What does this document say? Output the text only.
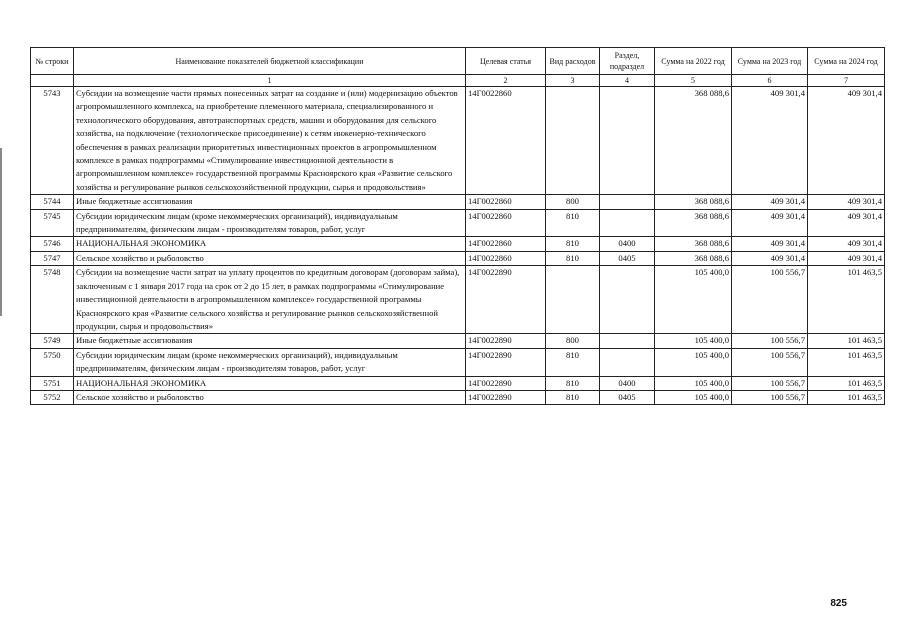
№ строки	Наименование показателей бюджетной классификации	Целевая статья	Вид расходов	Раздел, подраздел	Сумма на 2022 год	Сумма на 2023 год	Сумма на 2024 год
	1	2	3	4	5	6	7
5743	Субсидии на возмещение части прямых понесенных затрат на создание и (или) модернизацию объектов агропромышленного комплекса, на приобретение племенного материала, специализированного и технологического оборудования, автотранспортных средств, машин и оборудования для сельского хозяйства, на подключение (технологическое присоединение) к сетям инженерно-технического обеспечения в рамках реализации приоритетных инвестиционных проектов в агропромышленном комплексе в рамках подпрограммы «Стимулирование инвестиционной деятельности в агропромышленном комплексе» государственной программы Красноярского края «Развитие сельского хозяйства и регулирование рынков сельскохозяйственной продукции, сырья и продовольствия»	14Г0022860			368 088,6	409 301,4	409 301,4
5744	Иные бюджетные ассигнования	14Г0022860	800		368 088,6	409 301,4	409 301,4
5745	Субсидии юридическим лицам (кроме некоммерческих организаций), индивидуальным предпринимателям, физическим лицам - производителям товаров, работ, услуг	14Г0022860	810		368 088,6	409 301,4	409 301,4
5746	НАЦИОНАЛЬНАЯ ЭКОНОМИКА	14Г0022860	810	0400	368 088,6	409 301,4	409 301,4
5747	Сельское хозяйство и рыболовство	14Г0022860	810	0405	368 088,6	409 301,4	409 301,4
5748	Субсидии на возмещение части затрат на уплату процентов по кредитным договорам (договорам займа), заключенным с 1 января 2017 года на срок от 2 до 15 лет, в рамках подпрограммы «Стимулирование инвестиционной деятельности в агропромышленном комплексе» государственной программы Красноярского края «Развитие сельского хозяйства и регулирование рынков сельскохозяйственной продукции, сырья и продовольствия»	14Г0022890			105 400,0	100 556,7	101 463,5
5749	Иные бюджетные ассигнования	14Г0022890	800		105 400,0	100 556,7	101 463,5
5750	Субсидии юридическим лицам (кроме некоммерческих организаций), индивидуальным предпринимателям, физическим лицам - производителям товаров, работ, услуг	14Г0022890	810		105 400,0	100 556,7	101 463,5
5751	НАЦИОНАЛЬНАЯ ЭКОНОМИКА	14Г0022890	810	0400	105 400,0	100 556,7	101 463,5
5752	Сельское хозяйство и рыболовство	14Г0022890	810	0405	105 400,0	100 556,7	101 463,5
825
